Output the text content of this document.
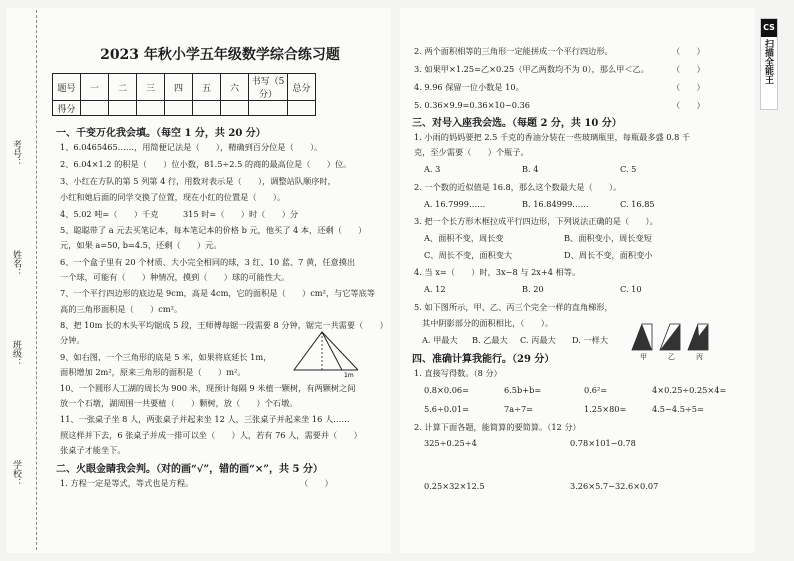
考号：
姓名：
班级：
学校：
2023 年秋小学五年级数学综合练习题
题号	一	二	三	四	五	六	书写（5分）	总分
得分								
一、千变万化我会填。（每空 1 分，共 20 分）
1、6.0465465……，用简便记法是（　　），精确到百分位是（　　）。
2、6.04×1.2 的积是（　　）位小数，81.5÷2.5 的商的最高位是（　　）位。
3、小红在方队的第 5 列第 4 行，用数对表示是（　　），调整站队顺序时，
小红和她后面的同学交换了位置，现在小红的位置是（　　）。
4、5.02 吨=（　　）千克　　　315 时=（　　）时（　　）分
5、聪聪带了 a 元去买笔记本，每本笔记本的价格 b 元，他买了 4 本，还剩（　　）
元，如果 a=50, b=4.5，还剩（　　）元。
6、一个盒子里有 20 个材质、大小完全相同的球，3 红、10 蓝、7 黄，任意摸出
一个球，可能有（　　）种情况，摸到（　　）球的可能性大。
7、一个平行四边形的底边是 9cm，高是 4cm，它的面积是（　　）cm²，与它等底等
高的三角形面积是（　　）cm²。
8、把 10m 长的木头平均锯成 5 段，王师傅每锯一段需要 8 分钟，锯完一共需要（　　）
分钟。
9、如右图，一个三角形的底是 5 米，如果将底延长 1m，
面积增加 2m²，原来三角形的面积是（　　）m²。	1m
10、一个圆形人工湖的周长为 900 米，现预计每隔 9 米植一颗树，有两颗树之间
放一个石墩，湖周围一共要植（　　）颗树，放（　　）个石墩。
11、一张桌子坐 8 人，两张桌子并起来坐 12 人，三张桌子并起来坐 16 人……
照这样并下去，6 张桌子并成一排可以坐（　　）人，若有 76 人，需要并（　　）
张桌子才能坐下。
二、火眼金睛我会判。（对的画“√”，错的画“×”，共 5 分）
1. 方程一定是等式，等式也是方程。	（　　）
2. 两个面积相等的三角形一定能拼成一个平行四边形。	（　　）
3. 如果甲×1.25=乙×0.25（甲乙两数均不为 0），那么甲＜乙。	（　　）
4. 9.96 保留一位小数是 10。	（　　）
5. 0.36×9.9=0.36×10−0.36	（　　）
三、对号入座我会选。（每题 2 分，共 10 分）
1. 小雨的妈妈要把 2.5 千克的香油分装在一些玻璃瓶里，每瓶最多盛 0.8 千
克，至少需要（　　）个瓶子。
A. 3	B. 4	C. 5
2. 一个数的近似值是 16.8，那么这个数最大是（　　）。
A. 16.7999……	B. 16.84999……	C. 16.85
3. 把一个长方形木框拉成平行四边形，下列说法正确的是（　　）。
A、面积不变，周长变	B、面积变小，周长变短
C、周长不变，面积变大	D、周长不变，面积变小
4. 当 x=（　　）时，3x−8 与 2x+4 相等。
A. 12	B. 20	C. 10
5. 如下图所示，甲、乙、丙三个完全一样的直角梯形，
其中阴影部分的面积相比，（　　）。
A. 甲最大 B. 乙最大 C. 丙最大 D. 一样大
甲	乙	丙
四、准确计算我能行。（29 分）
1. 直接写得数。（8 分）
0.8×0.06=	6.5b+b=	0.6²=	4×0.25÷0.25×4=
5.6÷0.01=	7a÷7=	1.25×80=	4.5−4.5÷5=
2. 计算下面各题，能简算的要简算。（12 分）
325÷0.25÷4	0.78×101−0.78
0.25×32×12.5	3.26×5.7−32.6×0.07
CS
扫描全能王
